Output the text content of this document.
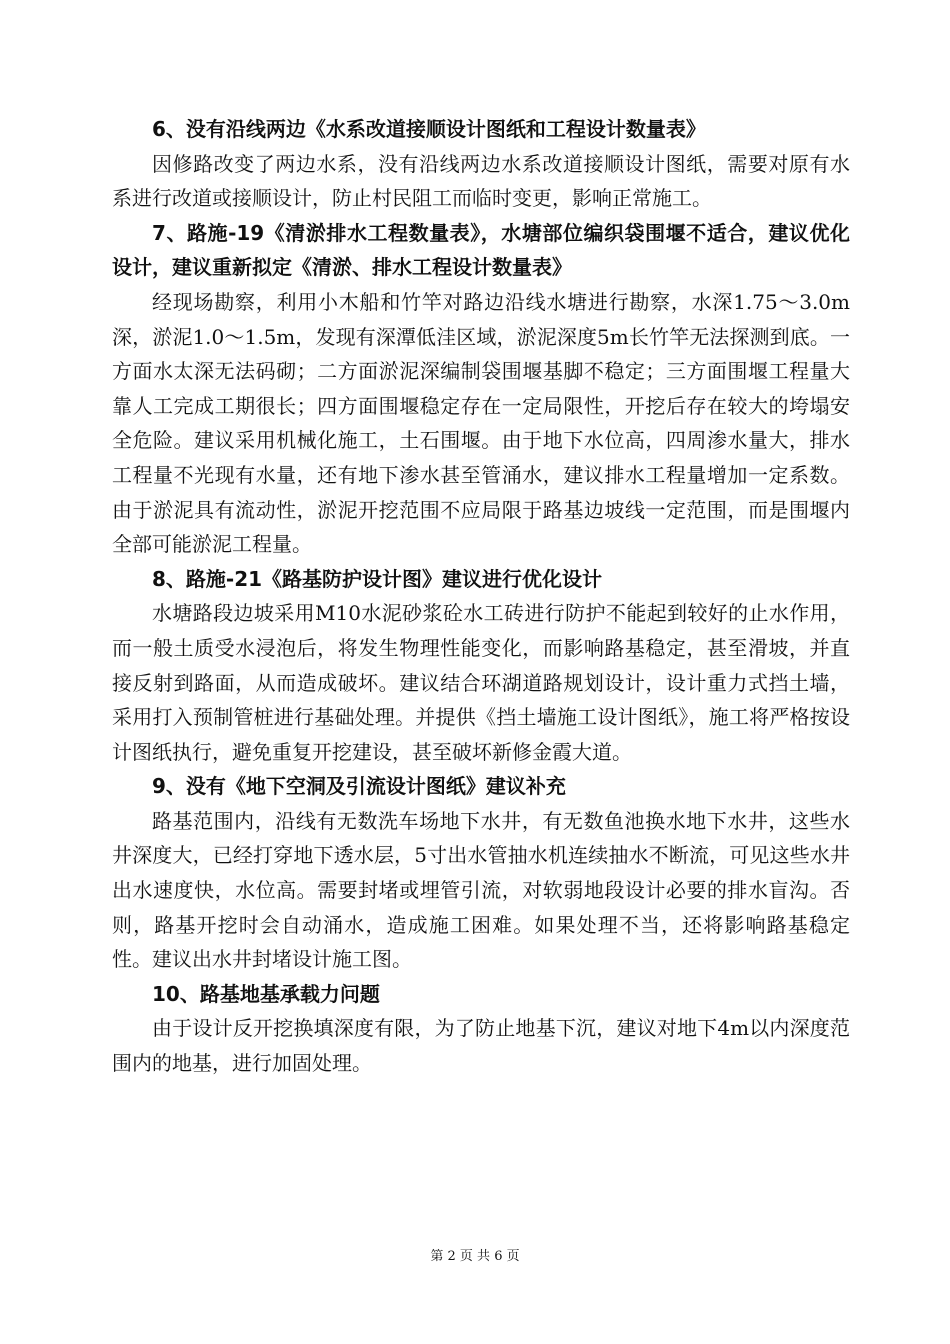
6、没有沿线两边《水系改道接顺设计图纸和工程设计数量表》

因修路改变了两边水系，没有沿线两边水系改道接顺设计图纸，需要对原有水系进行改道或接顺设计，防止村民阻工而临时变更，影响正常施工。

7、路施-19《清淤排水工程数量表》，水塘部位编织袋围堰不适合，建议优化设计，建议重新拟定《清淤、排水工程设计数量表》

经现场勘察，利用小木船和竹竿对路边沿线水塘进行勘察，水深1.75～3.0m深，淤泥1.0～1.5m，发现有深潭低洼区域，淤泥深度5m长竹竿无法探测到底。一方面水太深无法码砌；二方面淤泥深编制袋围堰基脚不稳定；三方面围堰工程量大靠人工完成工期很长；四方面围堰稳定存在一定局限性，开挖后存在较大的垮塌安全危险。建议采用机械化施工，土石围堰。由于地下水位高，四周渗水量大，排水工程量不光现有水量，还有地下渗水甚至管涌水，建议排水工程量增加一定系数。由于淤泥具有流动性，淤泥开挖范围不应局限于路基边坡线一定范围，而是围堰内全部可能淤泥工程量。

8、路施-21《路基防护设计图》建议进行优化设计

水塘路段边坡采用M10水泥砂浆砼水工砖进行防护不能起到较好的止水作用，而一般土质受水浸泡后，将发生物理性能变化，而影响路基稳定，甚至滑坡，并直接反射到路面，从而造成破坏。建议结合环湖道路规划设计，设计重力式挡土墙，采用打入预制管桩进行基础处理。并提供《挡土墙施工设计图纸》，施工将严格按设计图纸执行，避免重复开挖建设，甚至破坏新修金霞大道。

9、没有《地下空洞及引流设计图纸》建议补充

路基范围内，沿线有无数洗车场地下水井，有无数鱼池换水地下水井，这些水井深度大，已经打穿地下透水层，5寸出水管抽水机连续抽水不断流，可见这些水井出水速度快，水位高。需要封堵或埋管引流，对软弱地段设计必要的排水盲沟。否则，路基开挖时会自动涌水，造成施工困难。如果处理不当，还将影响路基稳定性。建议出水井封堵设计施工图。

10、路基地基承载力问题

由于设计反开挖换填深度有限，为了防止地基下沉，建议对地下4m以内深度范围内的地基，进行加固处理。

第 2 页 共 6 页
